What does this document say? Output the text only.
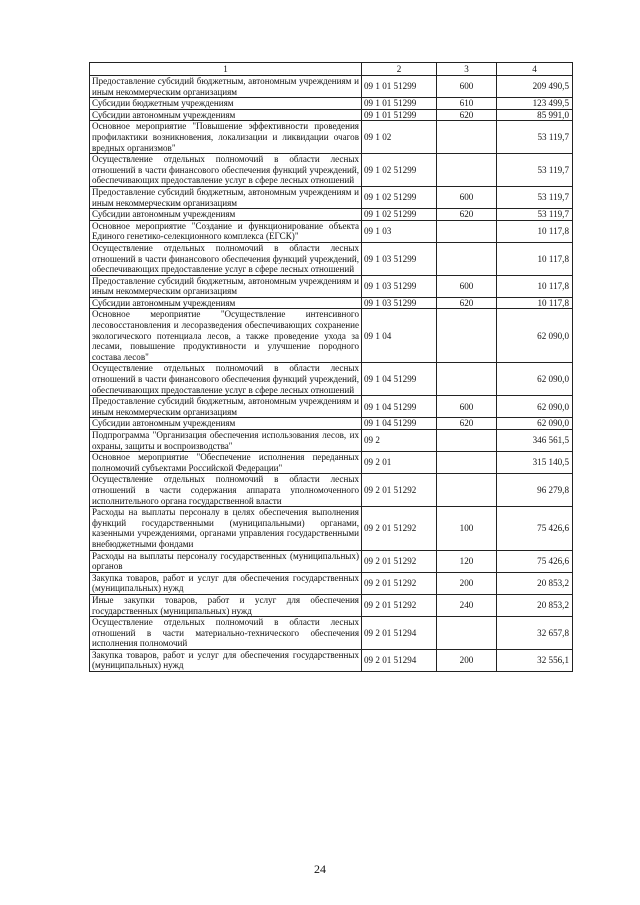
1	2	3	4
Предоставление субсидий бюджетным, автономным учреждениям и иным некоммерческим организациям	09 1 01 51299	600	209 490,5
Субсидии бюджетным учреждениям	09 1 01 51299	610	123 499,5
Субсидии автономным учреждениям	09 1 01 51299	620	85 991,0
Основное мероприятие "Повышение эффективности проведения профилактики возникновения, локализации и ликвидации очагов вредных организмов"	09 1 02		53 119,7
Осуществление отдельных полномочий в области лесных отношений в части финансового обеспечения функций учреждений, обеспечивающих предоставление услуг в сфере лесных отношений	09 1 02 51299		53 119,7
Предоставление субсидий бюджетным, автономным учреждениям и иным некоммерческим организациям	09 1 02 51299	600	53 119,7
Субсидии автономным учреждениям	09 1 02 51299	620	53 119,7
Основное мероприятие "Создание и функционирование объекта Единого генетико-селекционного комплекса (ЕГСК)"	09 1 03		10 117,8
Осуществление отдельных полномочий в области лесных отношений в части финансового обеспечения функций учреждений, обеспечивающих предоставление услуг в сфере лесных отношений	09 1 03 51299		10 117,8
Предоставление субсидий бюджетным, автономным учреждениям и иным некоммерческим организациям	09 1 03 51299	600	10 117,8
Субсидии автономным учреждениям	09 1 03 51299	620	10 117,8
Основное мероприятие "Осуществление интенсивного лесовосстановления и лесоразведения обеспечивающих сохранение экологического потенциала лесов, а также проведение ухода за лесами, повышение продуктивности и улучшение породного состава лесов"	09 1 04		62 090,0
Осуществление отдельных полномочий в области лесных отношений в части финансового обеспечения функций учреждений, обеспечивающих предоставление услуг в сфере лесных отношений	09 1 04 51299		62 090,0
Предоставление субсидий бюджетным, автономным учреждениям и иным некоммерческим организациям	09 1 04 51299	600	62 090,0
Субсидии автономным учреждениям	09 1 04 51299	620	62 090,0
Подпрограмма "Организация обеспечения использования лесов, их охраны, защиты и воспроизводства"	09 2		346 561,5
Основное мероприятие "Обеспечение исполнения переданных полномочий субъектами Российской Федерации"	09 2 01		315 140,5
Осуществление отдельных полномочий в области лесных отношений в части содержания аппарата уполномоченного исполнительного органа государственной власти	09 2 01 51292		96 279,8
Расходы на выплаты персоналу в целях обеспечения выполнения функций государственными (муниципальными) органами, казенными учреждениями, органами управления государственными внебюджетными фондами	09 2 01 51292	100	75 426,6
Расходы на выплаты персоналу государственных (муниципальных) органов	09 2 01 51292	120	75 426,6
Закупка товаров, работ и услуг для обеспечения государственных (муниципальных) нужд	09 2 01 51292	200	20 853,2
Иные закупки товаров, работ и услуг для обеспечения государственных (муниципальных) нужд	09 2 01 51292	240	20 853,2
Осуществление отдельных полномочий в области лесных отношений в части материально-технического обеспечения исполнения полномочий	09 2 01 51294		32 657,8
Закупка товаров, работ и услуг для обеспечения государственных (муниципальных) нужд	09 2 01 51294	200	32 556,1
24
